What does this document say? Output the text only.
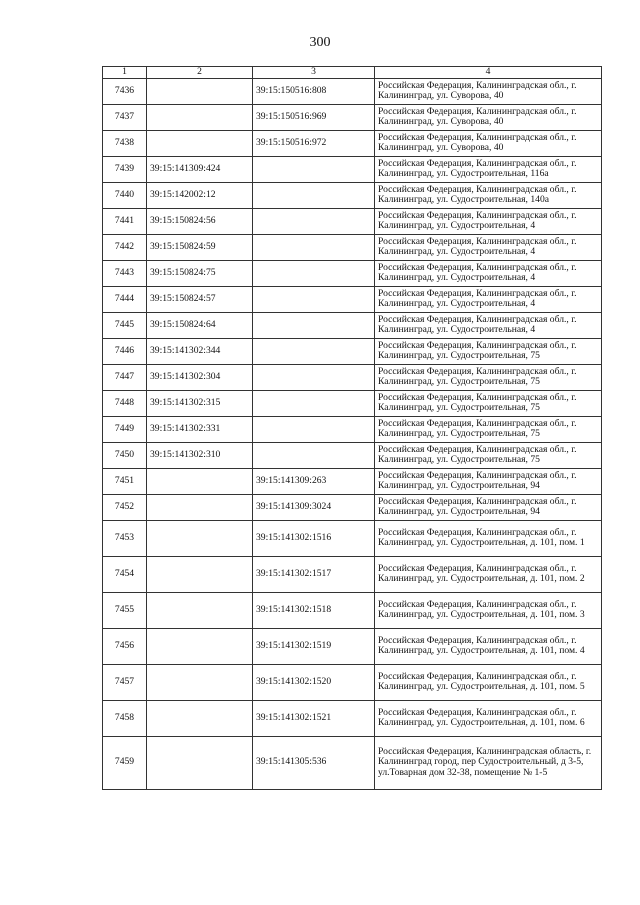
300
1	2	3	4
7436		39:15:150516:808	Российская Федерация, Калининградская обл., г. Калининград, ул. Суворова, 40
7437		39:15:150516:969	Российская Федерация, Калининградская обл., г. Калининград, ул. Суворова, 40
7438		39:15:150516:972	Российская Федерация, Калининградская обл., г. Калининград, ул. Суворова, 40
7439	39:15:141309:424		Российская Федерация, Калининградская обл., г. Калининград, ул. Судостроительная, 116а
7440	39:15:142002:12		Российская Федерация, Калининградская обл., г. Калининград, ул. Судостроительная, 140а
7441	39:15:150824:56		Российская Федерация, Калининградская обл., г. Калининград, ул. Судостроительная, 4
7442	39:15:150824:59		Российская Федерация, Калининградская обл., г. Калининград, ул. Судостроительная, 4
7443	39:15:150824:75		Российская Федерация, Калининградская обл., г. Калининград, ул. Судостроительная, 4
7444	39:15:150824:57		Российская Федерация, Калининградская обл., г. Калининград, ул. Судостроительная, 4
7445	39:15:150824:64		Российская Федерация, Калининградская обл., г. Калининград, ул. Судостроительная, 4
7446	39:15:141302:344		Российская Федерация, Калининградская обл., г. Калининград, ул. Судостроительная, 75
7447	39:15:141302:304		Российская Федерация, Калининградская обл., г. Калининград, ул. Судостроительная, 75
7448	39:15:141302:315		Российская Федерация, Калининградская обл., г. Калининград, ул. Судостроительная, 75
7449	39:15:141302:331		Российская Федерация, Калининградская обл., г. Калининград, ул. Судостроительная, 75
7450	39:15:141302:310		Российская Федерация, Калининградская обл., г. Калининград, ул. Судостроительная, 75
7451		39:15:141309:263	Российская Федерация, Калининградская обл., г. Калининград, ул. Судостроительная, 94
7452		39:15:141309:3024	Российская Федерация, Калининградская обл., г. Калининград, ул. Судостроительная, 94
7453		39:15:141302:1516	Российская Федерация, Калининградская обл., г. Калининград, ул. Судостроительная, д. 101, пом. 1
7454		39:15:141302:1517	Российская Федерация, Калининградская обл., г. Калининград, ул. Судостроительная, д. 101, пом. 2
7455		39:15:141302:1518	Российская Федерация, Калининградская обл., г. Калининград, ул. Судостроительная, д. 101, пом. 3
7456		39:15:141302:1519	Российская Федерация, Калининградская обл., г. Калининград, ул. Судостроительная, д. 101, пом. 4
7457		39:15:141302:1520	Российская Федерация, Калининградская обл., г. Калининград, ул. Судостроительная, д. 101, пом. 5
7458		39:15:141302:1521	Российская Федерация, Калининградская обл., г. Калининград, ул. Судостроительная, д. 101, пом. 6
7459		39:15:141305:536	Российская Федерация, Калининградская область, г. Калининград город, пер Судостроительный, д 3-5, ул.Товарная дом 32-38, помещение № 1-5
